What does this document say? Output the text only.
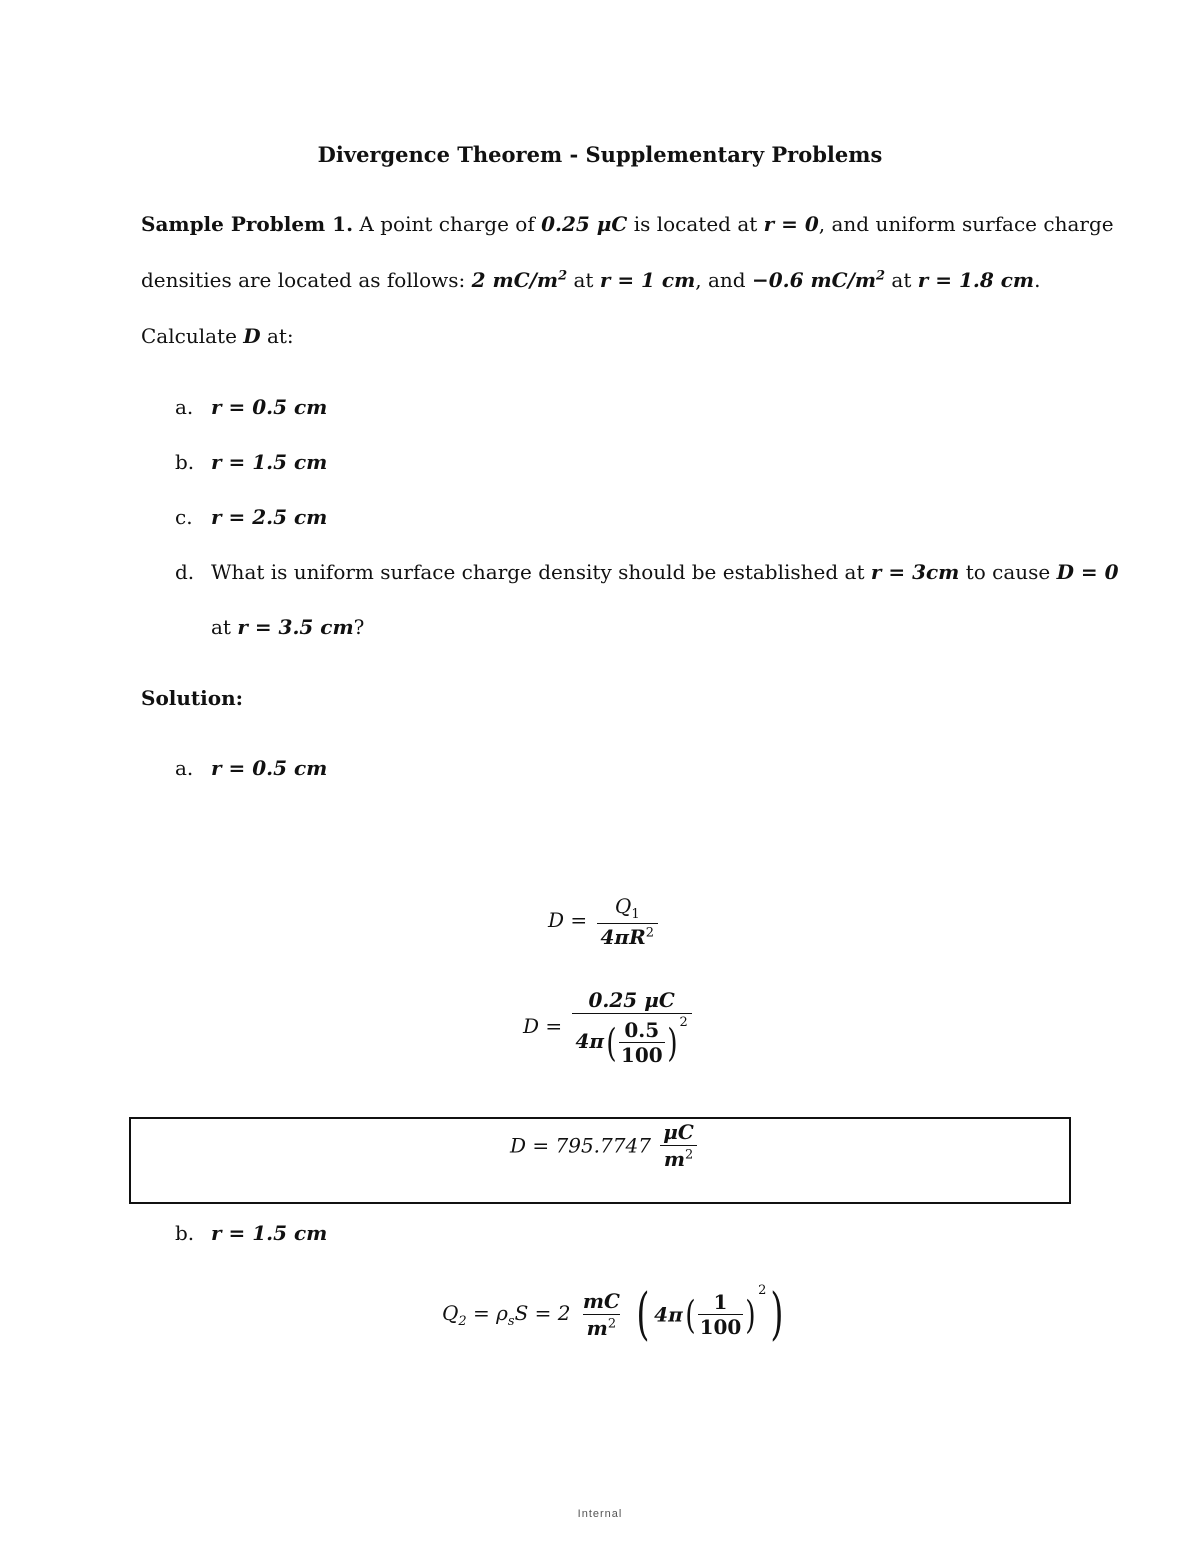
Divergence Theorem - Supplementary Problems
Sample Problem 1. A point charge of 0.25 μC is located at r = 0, and uniform surface charge
densities are located as follows: 2 $mC/m^2$ at r = 1 cm, and −0.6 $mC/m^2$ at r = 1.8 cm.
Calculate D at:
a. r = 0.5 cm
b. r = 1.5 cm
c. r = 2.5 cm
d. What is uniform surface charge density should be established at r = 3cm to cause D = 0
at r = 3.5 cm?
Solution:
a. r = 0.5 cm
$D = \frac{Q_1}{4\pi R^2}$
$D = \frac{0.25 \mu C}{4\pi( \frac{0.5}{100} ) ^2}$
$D = 795.7747 \frac{\mu C}{m^2}$
b. r = 1.5 cm
$Q_2 = \rho_sS = 2 \frac{mC}{m^2}$ ( $4\pi( \frac{1}{100} )^2$)
Internal
